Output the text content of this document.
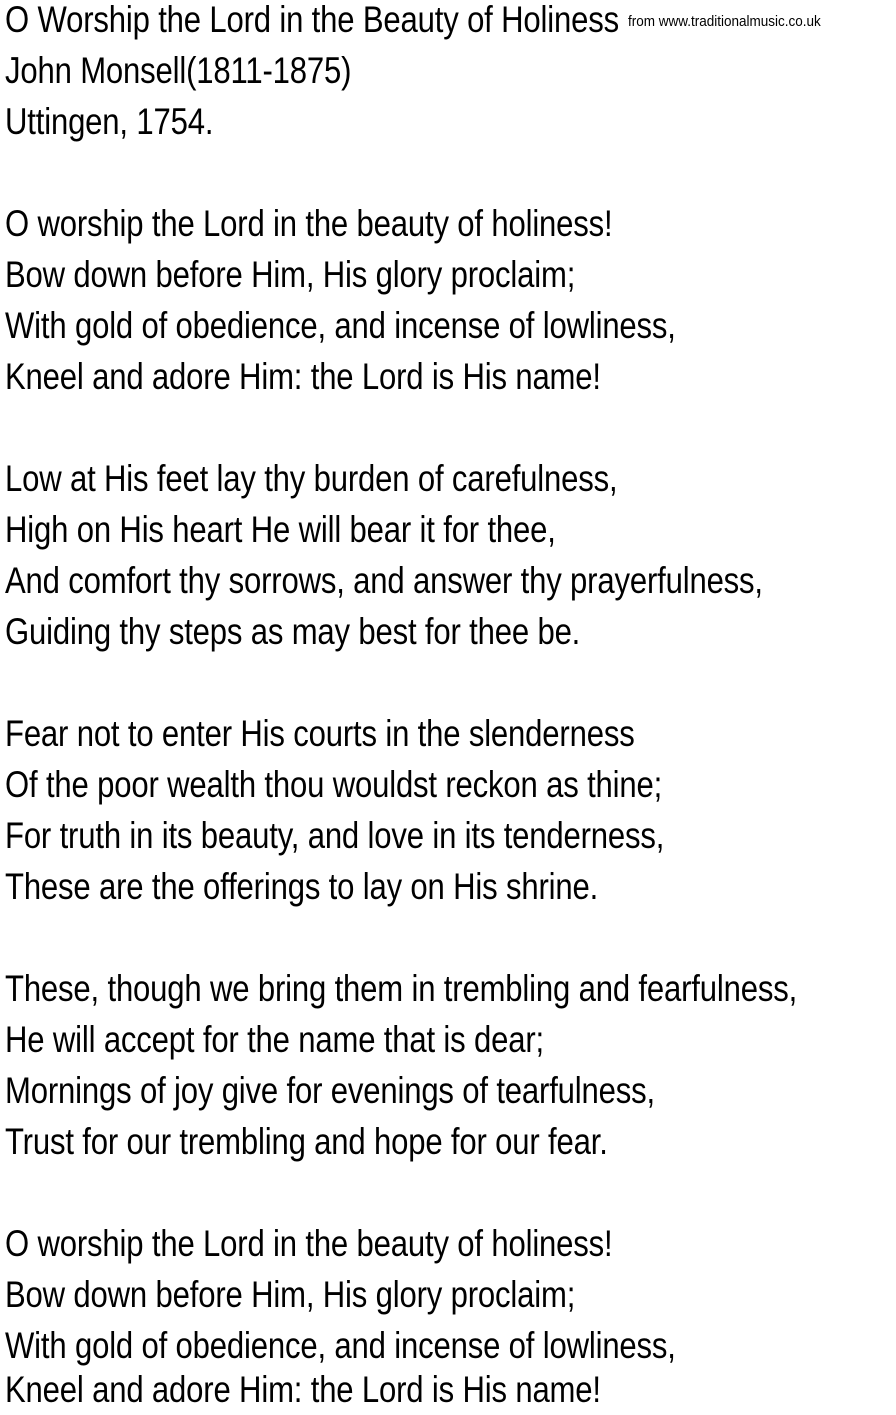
O Worship the Lord in the Beauty of Holiness from www.traditionalmusic.co.uk
John Monsell(1811-1875)
Uttingen, 1754.
O worship the Lord in the beauty of holiness!
Bow down before Him, His glory proclaim;
With gold of obedience, and incense of lowliness,
Kneel and adore Him: the Lord is His name!
Low at His feet lay thy burden of carefulness,
High on His heart He will bear it for thee,
And comfort thy sorrows, and answer thy prayerfulness,
Guiding thy steps as may best for thee be.
Fear not to enter His courts in the slenderness
Of the poor wealth thou wouldst reckon as thine;
For truth in its beauty, and love in its tenderness,
These are the offerings to lay on His shrine.
These, though we bring them in trembling and fearfulness,
He will accept for the name that is dear;
Mornings of joy give for evenings of tearfulness,
Trust for our trembling and hope for our fear.
O worship the Lord in the beauty of holiness!
Bow down before Him, His glory proclaim;
With gold of obedience, and incense of lowliness,
Kneel and adore Him: the Lord is His name!
